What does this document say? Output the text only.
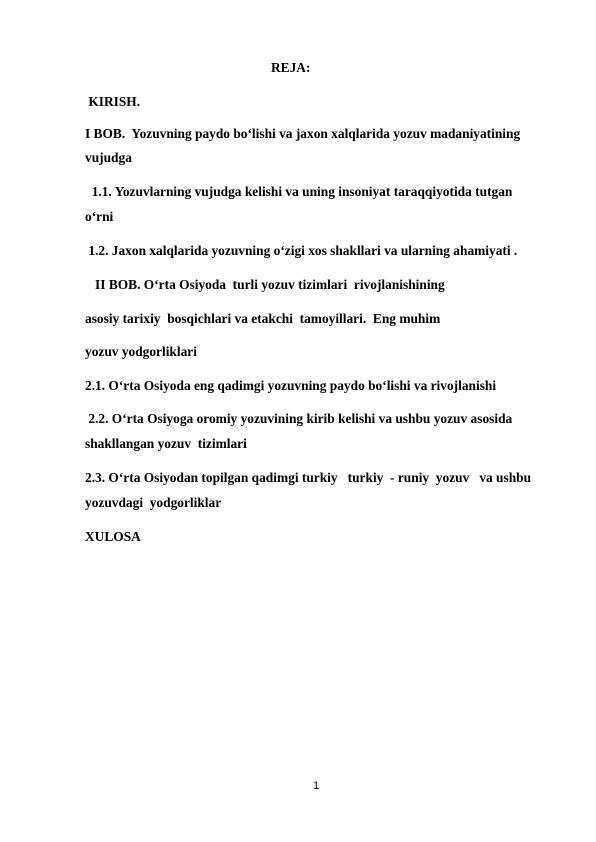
REJA:
KIRISH.
I BOB.  Yozuvning paydo bo‘lishi va jaxon xalqlarida yozuv madaniyatining
vujudga
1.1. Yozuvlarning vujudga kelishi va uning insoniyat taraqqiyotida tutgan
o‘rni
1.2. Jaxon xalqlarida yozuvning o‘zigi xos shakllari va ularning ahamiyati .
II BOB. O‘rta Osiyoda  turli yozuv tizimlari  rivojlanishining
asosiy tarixiy  bosqichlari va etakchi  tamoyillari.  Eng muhim
yozuv yodgorliklari
2.1. O‘rta Osiyoda eng qadimgi yozuvning paydo bo‘lishi va rivojlanishi
2.2. O‘rta Osiyoga oromiy yozuvining kirib kelishi va ushbu yozuv asosida
shakllangan yozuv  tizimlari
2.3. O‘rta Osiyodan topilgan qadimgi turkiy   turkiy  - runiy  yozuv   va ushbu
yozuvdagi  yodgorliklar
XULOSA
1
